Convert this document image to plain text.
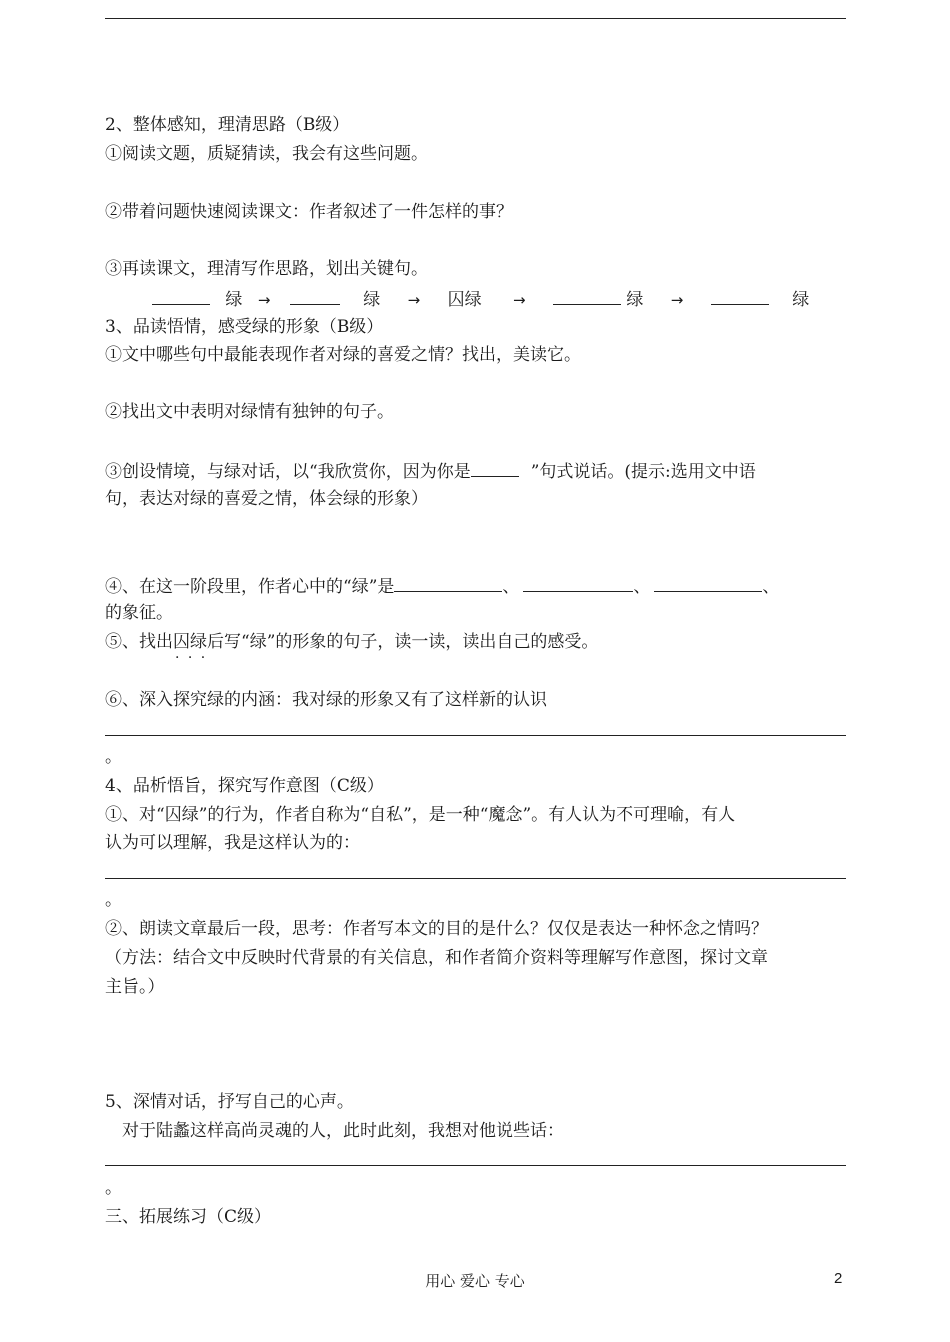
2、整体感知，理清思路（B级）
①阅读文题，质疑猜读，我会有这些问题。
②带着问题快速阅读课文：作者叙述了一件怎样的事？
③再读课文，理清写作思路，划出关键句。
绿 →	绿 → 囚绿 →	绿 →	绿
3、品读悟情，感受绿的形象（B级）
①文中哪些句中最能表现作者对绿的喜爱之情？找出，美读它。
②找出文中表明对绿情有独钟的句子。
③创设情境，与绿对话，以“我欣赏你，因为你是	”句式说话。(提示:选用文中语
句，表达对绿的喜爱之情，体会绿的形象）
④、在这一阶段里，作者心中的“绿”是	、	、	、
的象征。
⑤、找出囚绿后 · · ·写“绿”的形象的句子，读一读，读出自己的感受。
⑥、深入探究绿的内涵：我对绿的形象又有了这样新的认识
。
4、品析悟旨，探究写作意图（C级）
①、对“囚绿”的行为，作者自称为“自私”，是一种“魔念”。有人认为不可理喻，有人
认为可以理解，我是这样认为的：
。
②、朗读文章最后一段，思考：作者写本文的目的是什么？仅仅是表达一种怀念之情吗？
（方法：结合文中反映时代背景的有关信息，和作者简介资料等理解写作意图，探讨文章
主旨。）
5、深情对话，抒写自己的心声。
对于陆蠡这样高尚灵魂的人，此时此刻，我想对他说些话：
。
三、拓展练习（C级）
用心 爱心 专心	2
